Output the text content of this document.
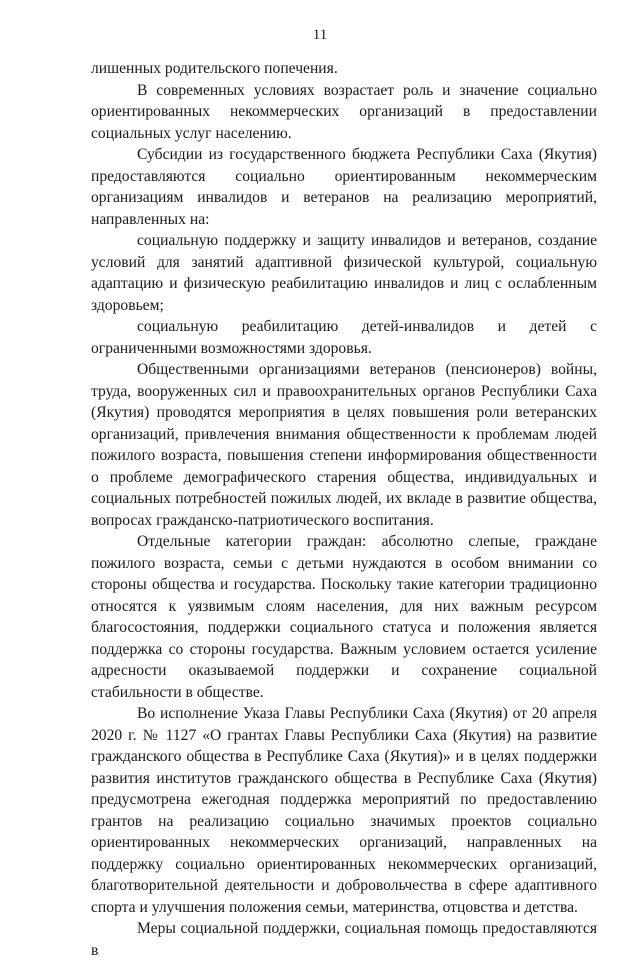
11

лишенных родительского попечения.

В современных условиях возрастает роль и значение социально ориентированных некоммерческих организаций в предоставлении социальных услуг населению.

Субсидии из государственного бюджета Республики Саха (Якутия) предоставляются социально ориентированным некоммерческим организациям инвалидов и ветеранов на реализацию мероприятий, направленных на:

социальную поддержку и защиту инвалидов и ветеранов, создание условий для занятий адаптивной физической культурой, социальную адаптацию и физическую реабилитацию инвалидов и лиц с ослабленным здоровьем;

социальную реабилитацию детей-инвалидов и детей с ограниченными возможностями здоровья.

Общественными организациями ветеранов (пенсионеров) войны, труда, вооруженных сил и правоохранительных органов Республики Саха (Якутия) проводятся мероприятия в целях повышения роли ветеранских организаций, привлечения внимания общественности к проблемам людей пожилого возраста, повышения степени информирования общественности о проблеме демографического старения общества, индивидуальных и социальных потребностей пожилых людей, их вкладе в развитие общества, вопросах гражданско-патриотического воспитания.

Отдельные категории граждан: абсолютно слепые, граждане пожилого возраста, семьи с детьми нуждаются в особом внимании со стороны общества и государства. Поскольку такие категории традиционно относятся к уязвимым слоям населения, для них важным ресурсом благосостояния, поддержки социального статуса и положения является поддержка со стороны государства. Важным условием остается усиление адресности оказываемой поддержки и сохранение социальной стабильности в обществе.

Во исполнение Указа Главы Республики Саха (Якутия) от 20 апреля 2020 г. № 1127 «О грантах Главы Республики Саха (Якутия) на развитие гражданского общества в Республике Саха (Якутия)» и в целях поддержки развития институтов гражданского общества в Республике Саха (Якутия) предусмотрена ежегодная поддержка мероприятий по предоставлению грантов на реализацию социально значимых проектов социально ориентированных некоммерческих организаций, направленных на поддержку социально ориентированных некоммерческих организаций, благотворительной деятельности и добровольчества в сфере адаптивного спорта и улучшения положения семьи, материнства, отцовства и детства.

Меры социальной поддержки, социальная помощь предоставляются в
